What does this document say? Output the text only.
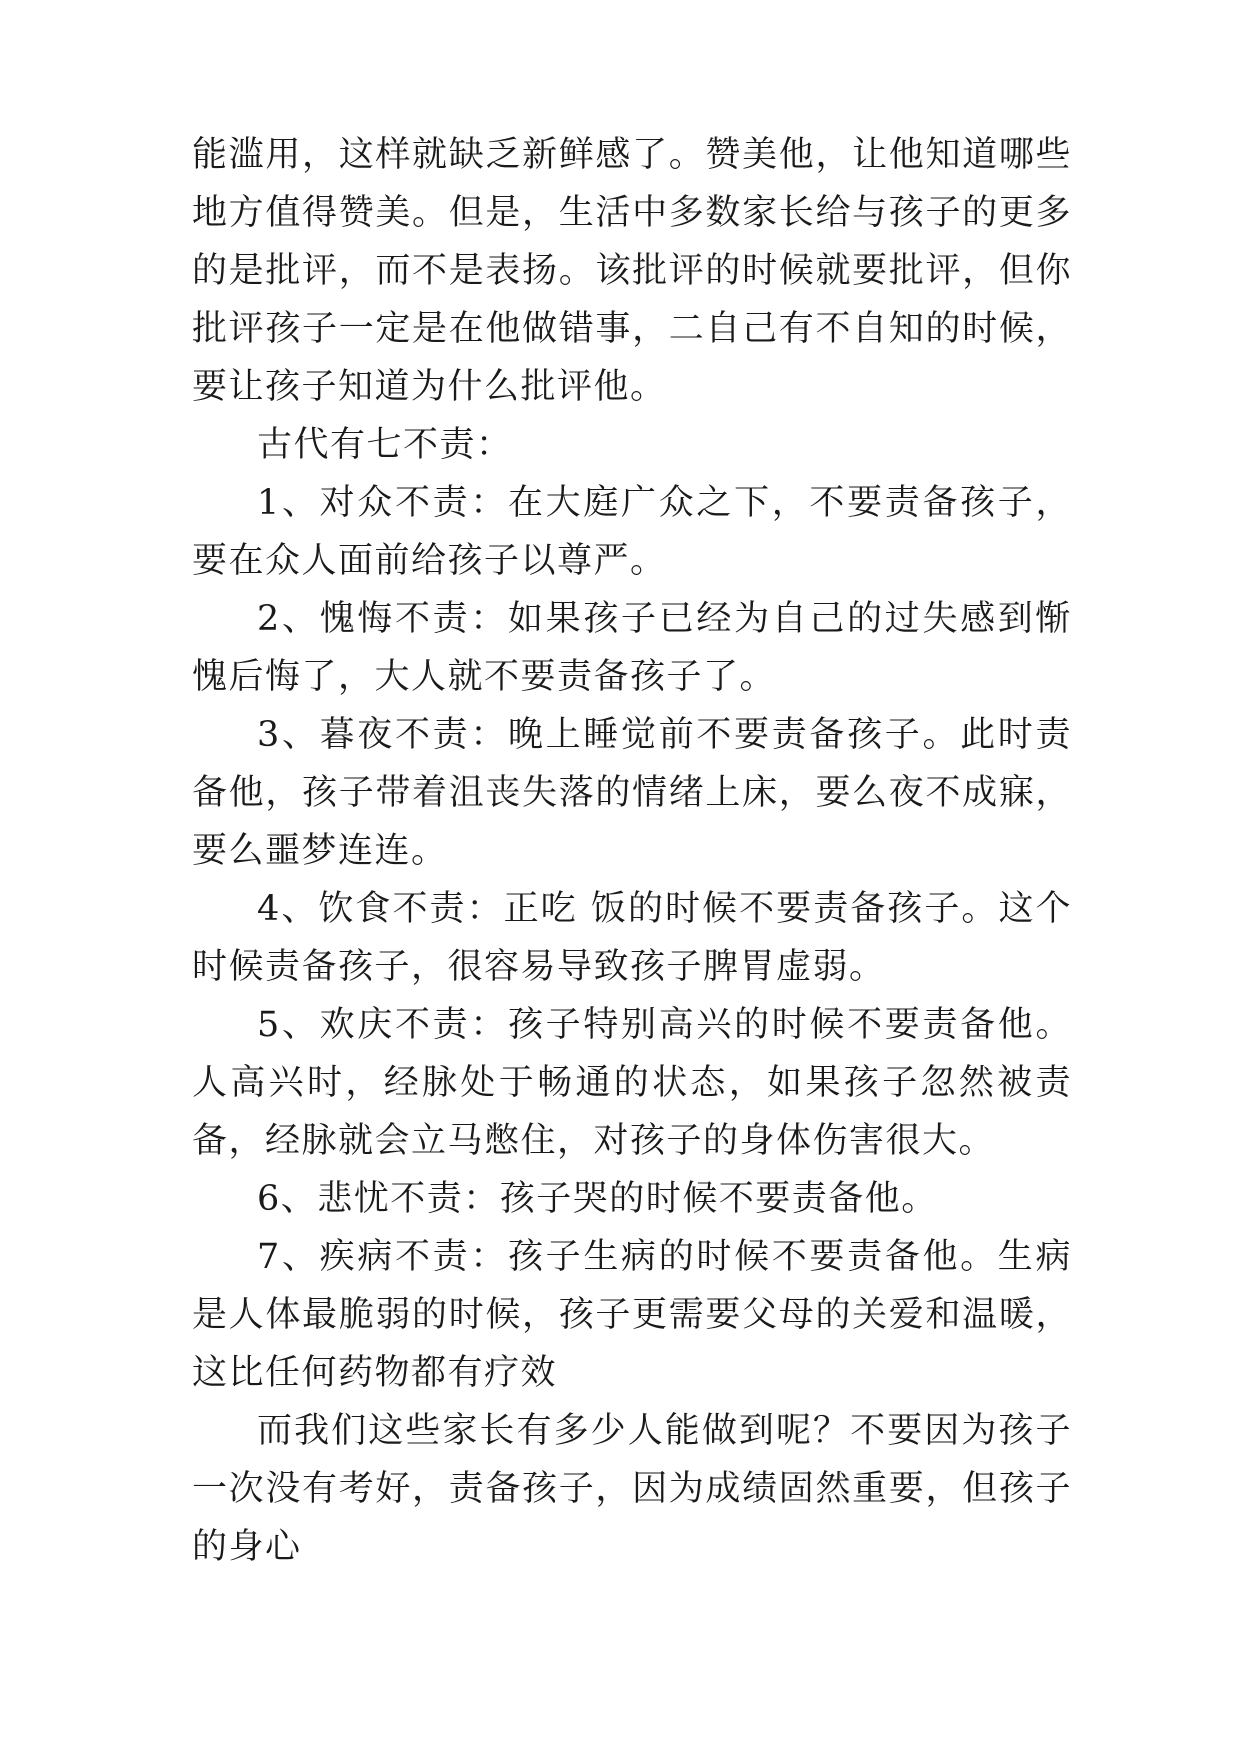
能滥用，这样就缺乏新鲜感了。赞美他，让他知道哪些地方值得赞美。但是，生活中多数家长给与孩子的更多的是批评，而不是表扬。该批评的时候就要批评，但你批评孩子一定是在他做错事，二自己有不自知的时候，要让孩子知道为什么批评他。

古代有七不责：

1、对众不责：在大庭广众之下，不要责备孩子，要在众人面前给孩子以尊严。

2、愧悔不责：如果孩子已经为自己的过失感到惭愧后悔了，大人就不要责备孩子了。

3、暮夜不责：晚上睡觉前不要责备孩子。此时责备他，孩子带着沮丧失落的情绪上床，要么夜不成寐，要么噩梦连连。

4、饮食不责：正吃 饭的时候不要责备孩子。这个时候责备孩子，很容易导致孩子脾胃虚弱。

5、欢庆不责：孩子特别高兴的时候不要责备他。人高兴时，经脉处于畅通的状态，如果孩子忽然被责备，经脉就会立马憋住，对孩子的身体伤害很大。

6、悲忧不责：孩子哭的时候不要责备他。

7、疾病不责：孩子生病的时候不要责备他。生病是人体最脆弱的时候，孩子更需要父母的关爱和温暖，这比任何药物都有疗效

而我们这些家长有多少人能做到呢？不要因为孩子一次没有考好，责备孩子，因为成绩固然重要，但孩子的身心
